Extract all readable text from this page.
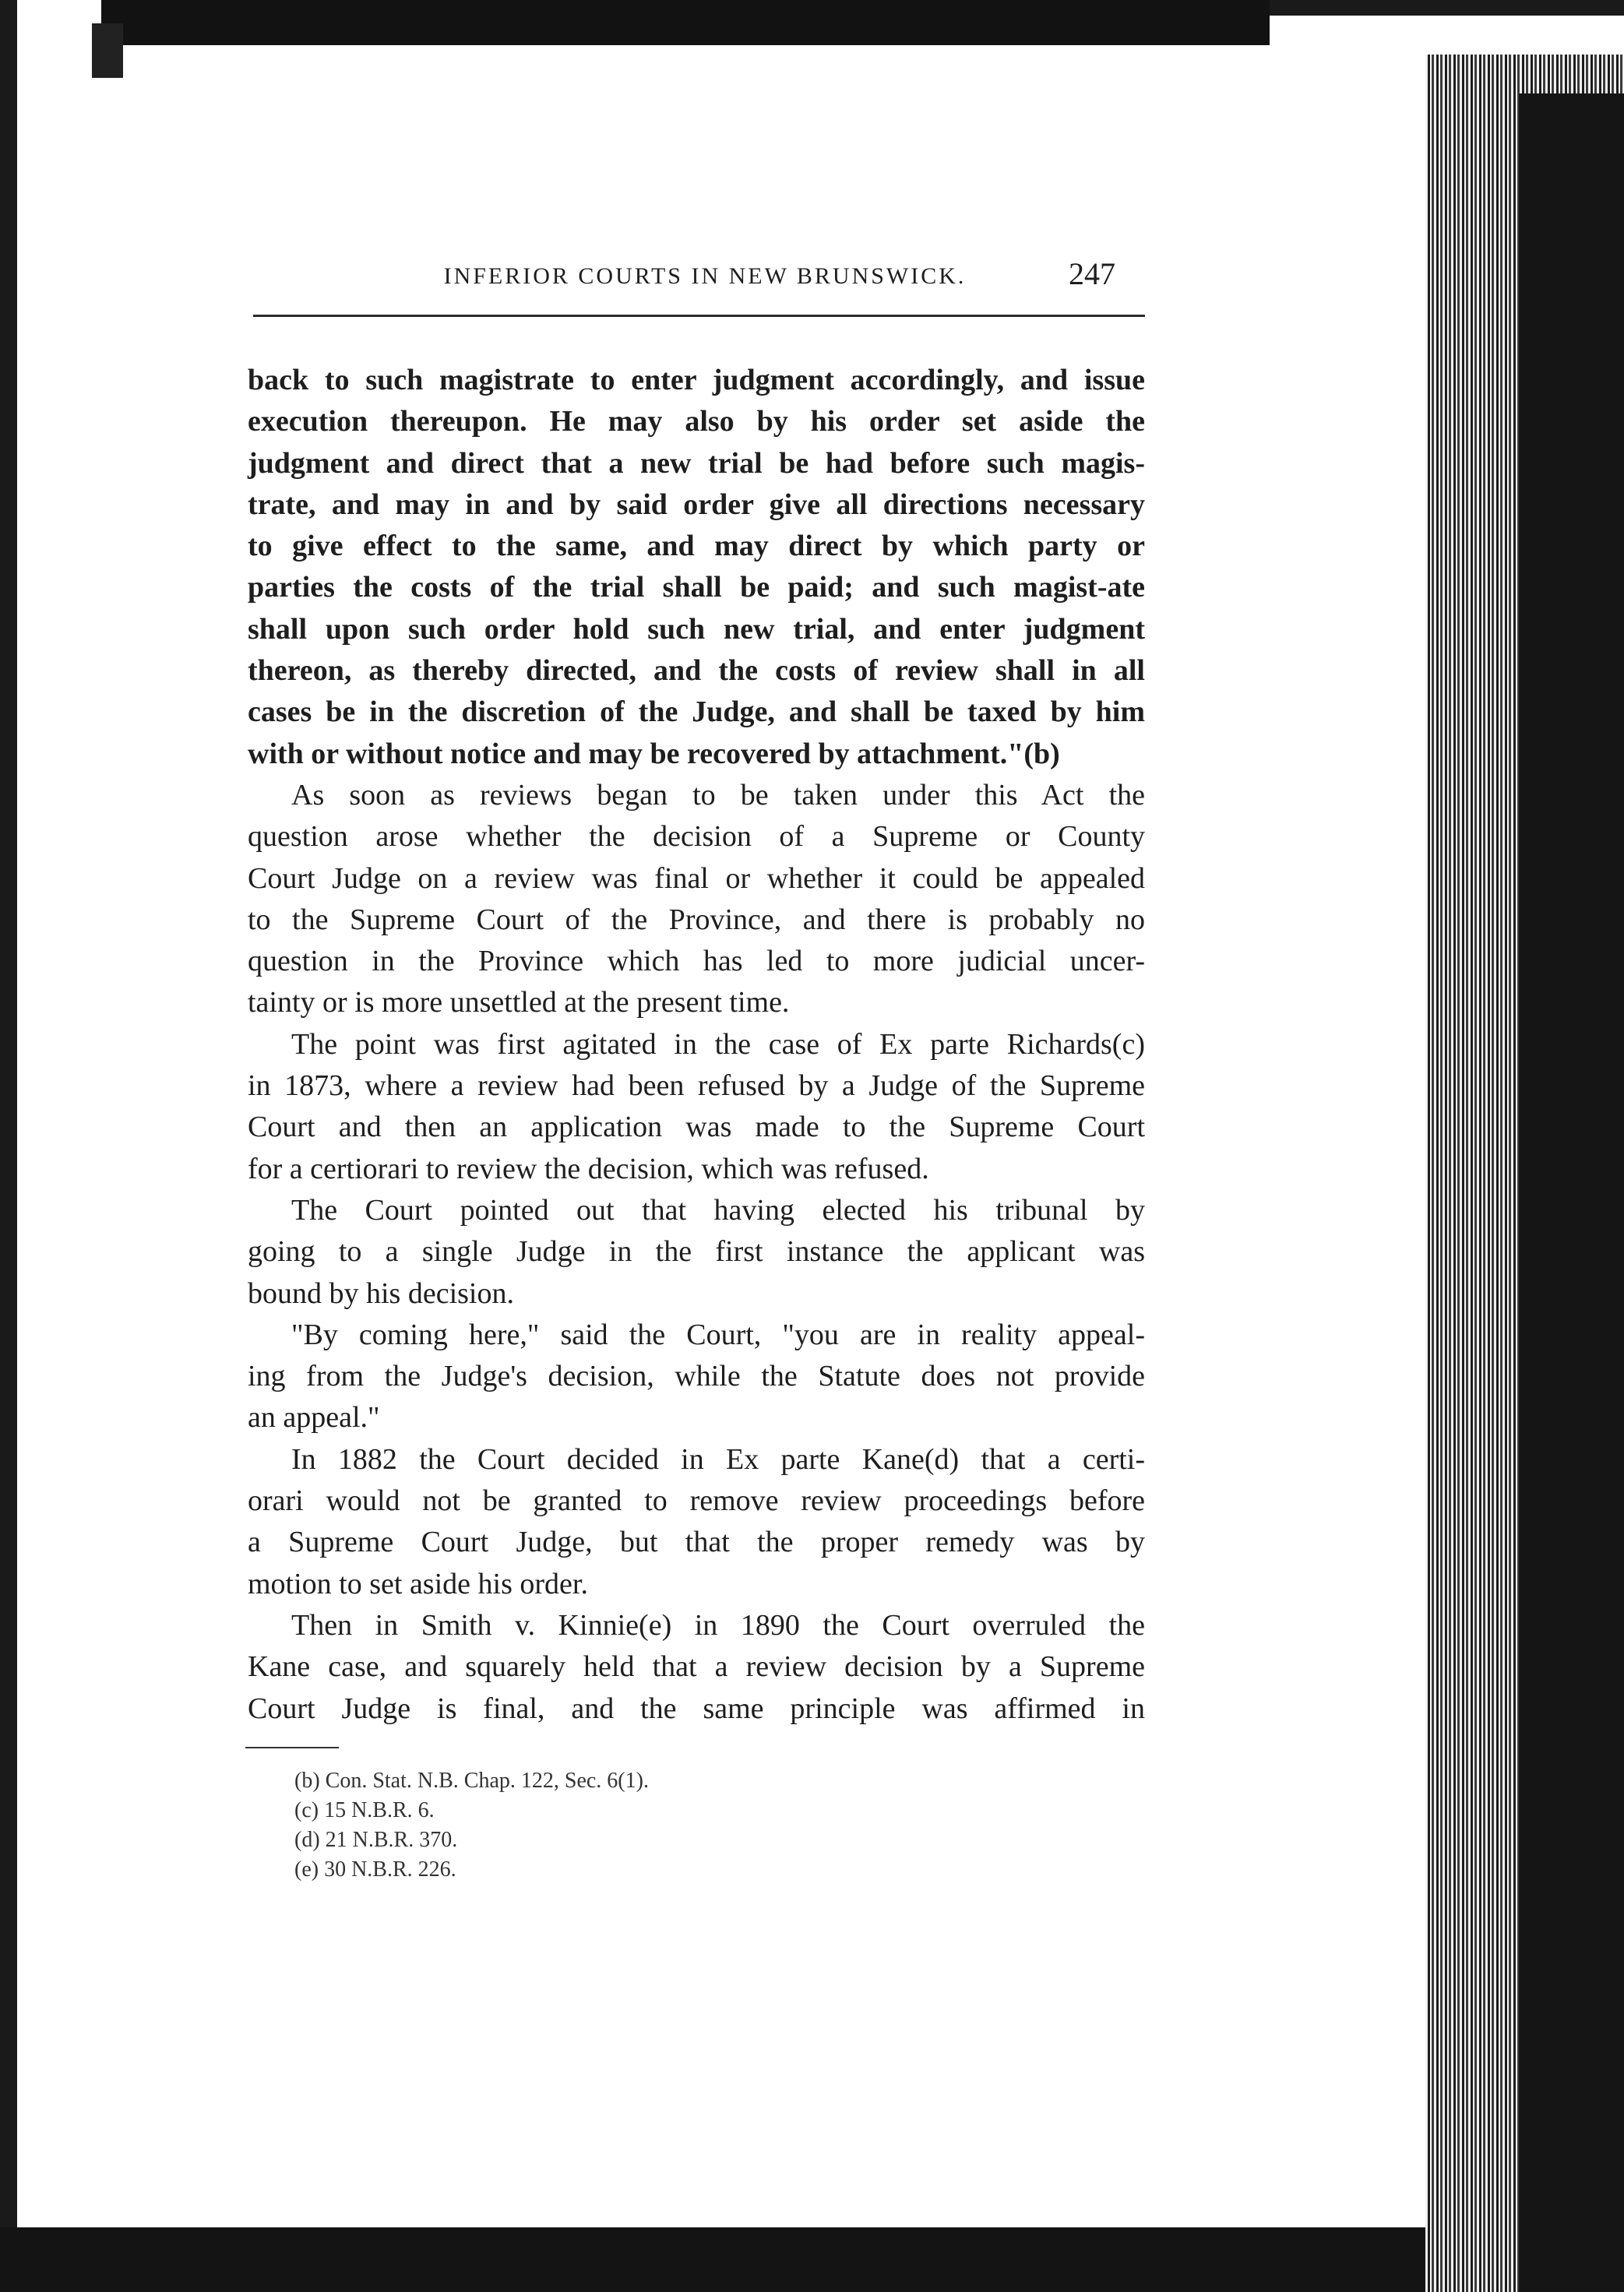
INFERIOR COURTS IN NEW BRUNSWICK.	247

back to such magistrate to enter judgment accordingly, and issue
execution thereupon. He may also by his order set aside the
judgment and direct that a new trial be had before such magis-
trate, and may in and by said order give all directions necessary
to give effect to the same, and may direct by which party or
parties the costs of the trial shall be paid; and such magist-ate
shall upon such order hold such new trial, and enter judgment
thereon, as thereby directed, and the costs of review shall in all
cases be in the discretion of the Judge, and shall be taxed by him
with or without notice and may be recovered by attachment."(b)

As soon as reviews began to be taken under this Act the
question arose whether the decision of a Supreme or County
Court Judge on a review was final or whether it could be appealed
to the Supreme Court of the Province, and there is probably no
question in the Province which has led to more judicial uncer-
tainty or is more unsettled at the present time.

The point was first agitated in the case of Ex parte Richards(c)
in 1873, where a review had been refused by a Judge of the Supreme
Court and then an application was made to the Supreme Court
for a certiorari to review the decision, which was refused.

The Court pointed out that having elected his tribunal by
going to a single Judge in the first instance the applicant was
bound by his decision.

"By coming here," said the Court, "you are in reality appeal-
ing from the Judge's decision, while the Statute does not provide
an appeal."

In 1882 the Court decided in Ex parte Kane(d) that a certi-
orari would not be granted to remove review proceedings before
a Supreme Court Judge, but that the proper remedy was by
motion to set aside his order.

Then in Smith v. Kinnie(e) in 1890 the Court overruled the
Kane case, and squarely held that a review decision by a Supreme
Court Judge is final, and the same principle was affirmed in

(b) Con. Stat. N.B. Chap. 122, Sec. 6(1).
(c) 15 N.B.R. 6.
(d) 21 N.B.R. 370.
(e) 30 N.B.R. 226.
